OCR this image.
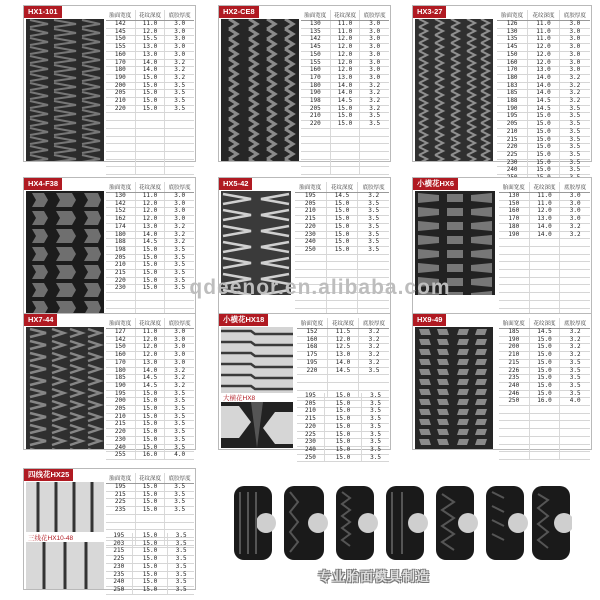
HX1-101	胎面宽度	花纹深度	底胶厚度
142	11.0	3.0
145	12.0	3.0
150	15.5	3.0
155	13.0	3.0
160	13.0	3.0
170	14.0	3.2
180	14.0	3.2
190	15.0	3.2
200	15.0	3.5
205	15.0	3.5
210	15.0	3.5
220	15.0	3.5

HX2-CE8	胎面宽度	花纹深度	底胶厚度
130	11.0	3.0
135	11.0	3.0
142	12.0	3.0
145	12.0	3.0
150	12.0	3.0
155	12.0	3.0
160	12.0	3.0
170	13.0	3.0
180	14.0	3.2
190	14.0	3.2
198	14.5	3.2
205	15.0	3.2
210	15.0	3.5
220	15.0	3.5

HX3-27	胎面宽度	花纹深度	底胶厚度
126	11.0	3.0
130	11.0	3.0
135	11.0	3.0
145	12.0	3.0
150	12.0	3.0
160	12.0	3.0
170	13.0	3.0
180	14.0	3.2
183	14.0	3.2
185	14.0	3.2
188	14.5	3.2
190	14.5	3.5
195	15.0	3.5
205	15.0	3.5
210	15.0	3.5
215	15.0	3.5
220	15.0	3.5
225	15.0	3.5
230	15.0	3.5
240	15.0	3.5

HX4-F38	胎面宽度	花纹深度	底胶厚度
130	11.0	3.0
142	12.0	3.0
152	12.0	3.0
162	12.0	3.0
174	13.0	3.2
180	14.0	3.2
188	14.5	3.2
198	15.0	3.5
205	15.0	3.5
210	15.0	3.5
215	15.0	3.5
220	15.0	3.5
230	15.0	3.5

HX5-42	胎面宽度	花纹深度	底胶厚度
195	14.5	3.2
205	15.0	3.5
210	15.0	3.5
215	15.0	3.5
220	15.0	3.5
230	15.0	3.5
240	15.0	3.5
250	15.0	3.5

小横花HX6	胎面宽度	花纹深度	底胶厚度
130	11.0	3.0
150	11.0	3.0
160	12.0	3.0
170	13.0	3.0
180	14.0	3.2
190	14.0	3.2

qdeenor.en.alibaba.com
HX7-44	胎面宽度	花纹深度	底胶厚度
127	11.0	3.0
142	12.0	3.0
150	12.0	3.0
160	12.0	3.0
170	13.0	3.0
180	14.0	3.2
185	14.5	3.2
190	14.5	3.2
195	15.0	3.5
200	15.0	3.5
205	15.0	3.5
210	15.0	3.5
215	15.0	3.5
220	15.0	3.5
230	15.0	3.5
240	15.0	3.5
255	16.0	4.0
小横花HX18
大横花HX8
胎面宽度	花纹深度	底胶厚度
152	11.5	3.2
160	12.0	3.2
168	12.5	3.2
175	13.0	3.2
195	14.0	3.2
220	14.5	3.5

195	15.0	3.5
205	15.0	3.5
210	15.0	3.5
215	15.0	3.5
220	15.0	3.5
225	15.0	3.5
230	15.0	3.5
240	15.0	3.5
250	15.0	3.5
HX9-49	胎面宽度	花纹深度	底胶厚度
185	14.5	3.2
190	15.0	3.2
200	15.0	3.2
210	15.0	3.2
215	15.0	3.5
226	15.0	3.5
235	15.0	3.5
240	15.0	3.5
246	15.0	3.5
250	16.0	4.0

四线花HX25
三线花HX10-48
胎面宽度	花纹深度	底胶厚度
195	15.0	3.5
215	15.0	3.5
225	15.0	3.5
235	15.0	3.5

195	15.0	3.5
203	15.0	3.5
215	15.0	3.5
225	15.0	3.5
230	15.0	3.5
235	15.0	3.5
240	15.0	3.5
250	15.0	3.5
专业胎面模具制造
